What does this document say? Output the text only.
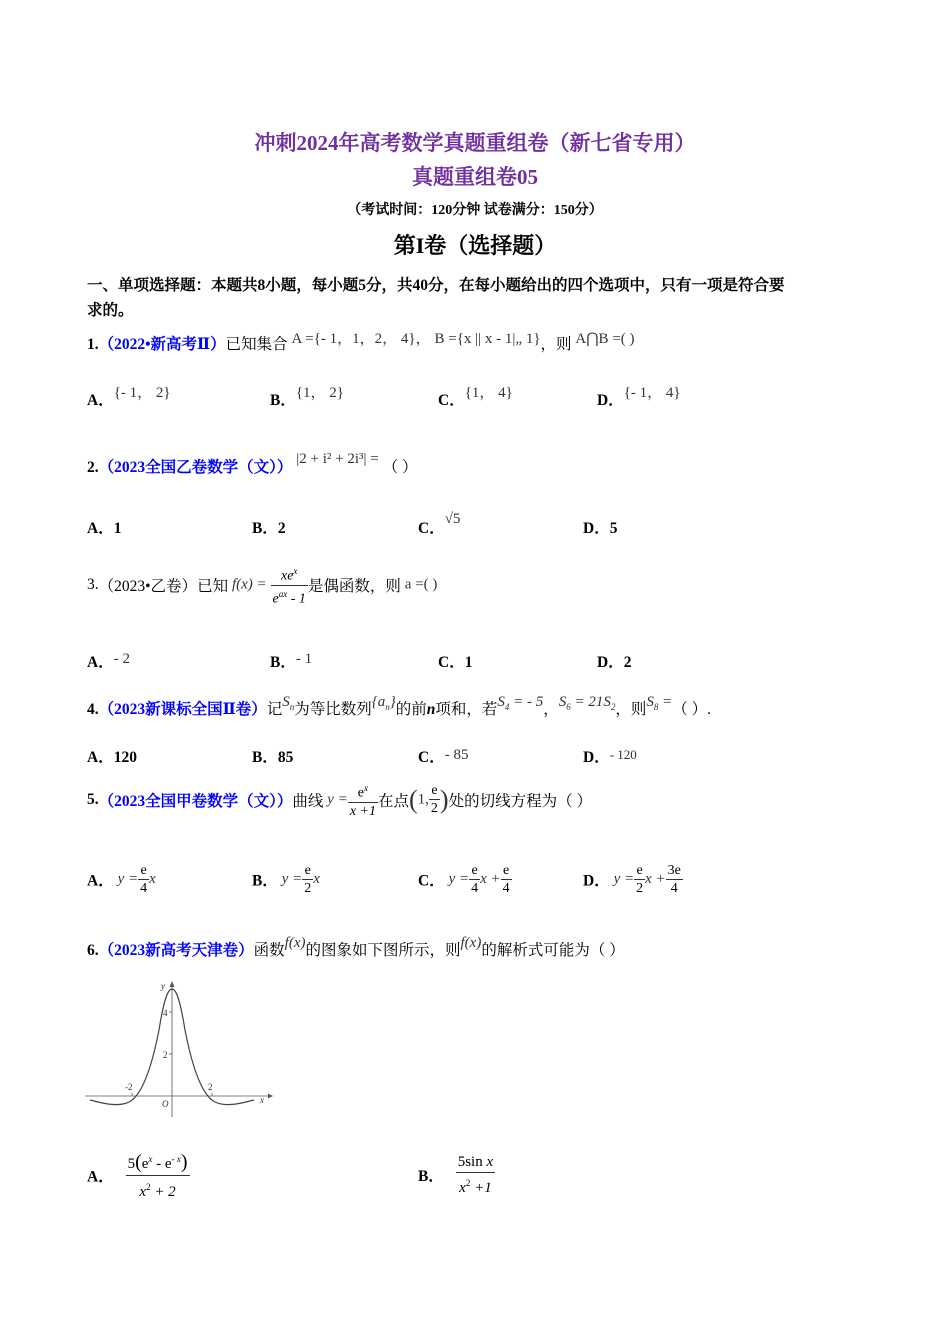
冲刺2024年高考数学真题重组卷（新七省专用）
真题重组卷05
（考试时间：120分钟 试卷满分：150分）
第I卷（选择题）
一、单项选择题：本题共8小题，每小题5分，共40分，在每小题给出的四个选项中，只有一项是符合要
求的。
1.（2022•新高考Ⅱ）已知集合 A ={- 1，1，2， 4}， B ={x || x - 1|„ 1}，则 A⋂B =( )
A．{- 1， 2}	B．{1， 2}	C．{1， 4}	D．{- 1， 4}
2.（2023全国乙卷数学（文）） |2 + i² + 2i³| = （ ）
A．1	B．2	C．√5
D．5
3.（2023•乙卷）已知 $f(x) = \frac{xe^x}{e^{ax} - 1}$ 是偶函数，则 a =( )
A．- 2	B．- 1	C．1	D．2
4.（2023新课标全国Ⅱ卷）记$S_n$为等比数列$\{a_n\}$的前n项和，若$S_4$ = - 5，$S_6 = 21S_2$，则$S_8$ =（ ）.
A．120	B．85	C．- 85	D．- 120
5.（2023全国甲卷数学（文））曲线 $y = \frac{e^x}{x +1}$ 在点(1, $\frac{e}{2}$ )处的切线方程为（ ）
A． $y = \frac{e}{4}$ x	B． $y = \frac{e}{2}$ x	C． $y = \frac{e}{4}$ $x + \frac{e}{4}$	D． $y = \frac{e}{2}$ $x + \frac{3e}{4}$
6.（2023新高考天津卷）函数f(x)的图象如下图所示，则f(x)的解析式可能为（ ）
y
x
O
4
2
-2	2
A． $\frac{5(e^x - e^{- x})}{x^2 + 2}$	B． $\frac{\text{5sin x}}{x^2 +1}$
